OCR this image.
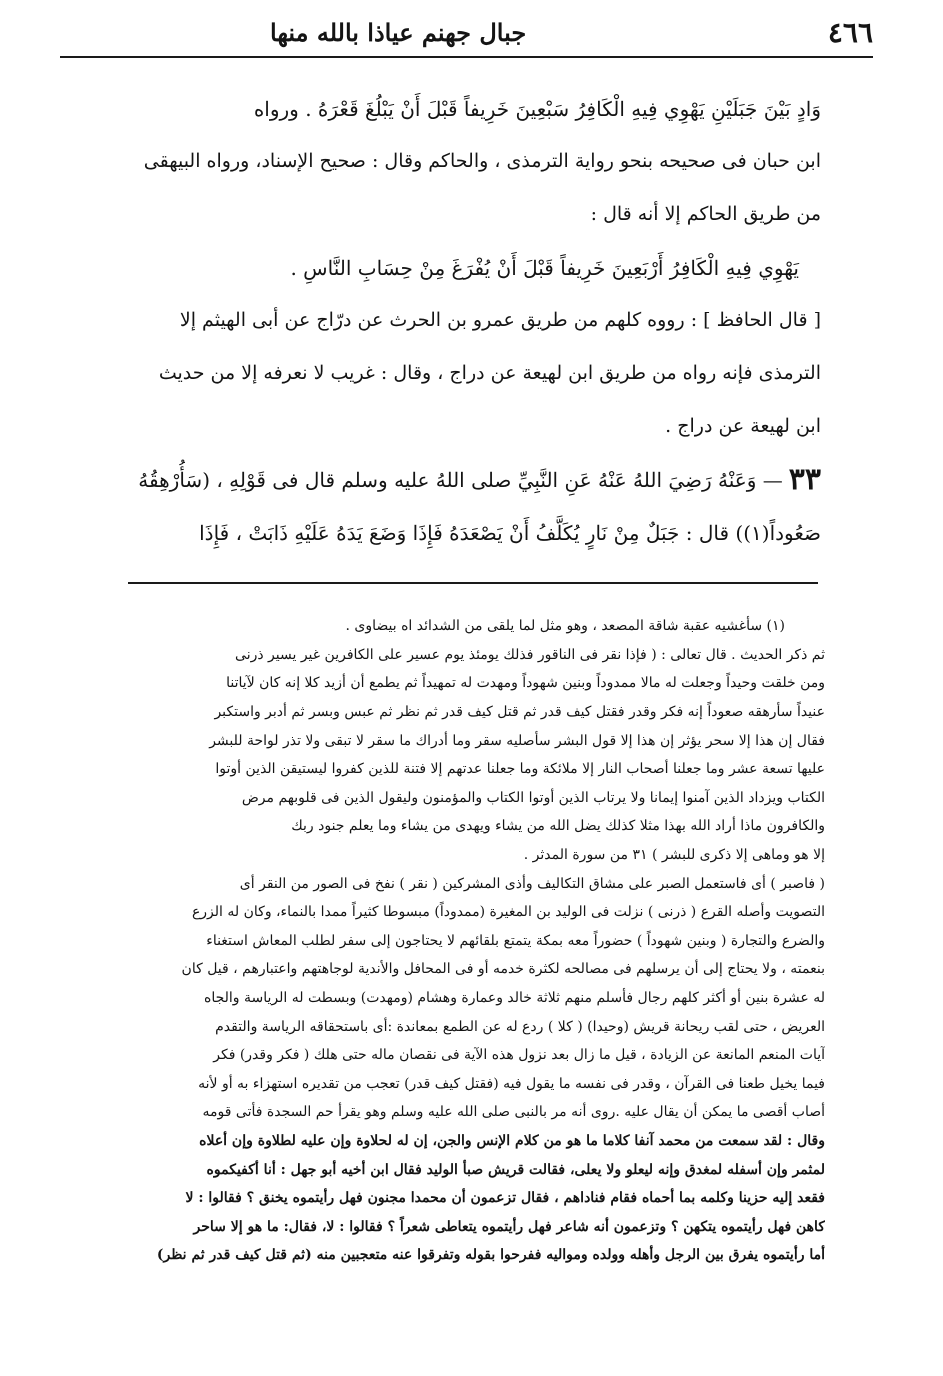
٤٦٦
جبال جهنم عياذا بالله منها
وَادٍ بَيْنَ جَبَلَيْنِ يَهْوِي فِيهِ الْكَافِرُ سَبْعِينَ خَرِيفاً قَبْلَ أَنْ يَبْلُغَ قَعْرَهُ . ورواه
ابن حبان فى صحيحه بنحو رواية الترمذى ، والحاكم وقال : صحيح الإسناد، ورواه البيهقى
من طريق الحاكم إلا أنه قال :
يَهْوِي فِيهِ الْكَافِرُ أَرْبَعِينَ خَرِيفاً قَبْلَ أَنْ يُفْرَغَ مِنْ حِسَابِ النَّاسِ .
[ قال الحافظ ] : رووه كلهم من طريق عمرو بن الحرث عن درّاج عن أبى الهيثم إلا
الترمذى فإنه رواه من طريق ابن لهيعة عن دراج ، وقال : غريب لا نعرفه إلا من حديث
ابن لهيعة عن دراج .
٣٣
— وَعَنْهُ رَضِيَ اللهُ عَنْهُ عَنِ النَّبِيِّ صلى اللهُ عليه وسلم قال فى قَوْلِهِ ، (سَأُرْهِقُهُ
صَعُوداً(١)) قال : جَبَلٌ مِنْ نَارٍ يُكَلَّفُ أَنْ يَصْعَدَهُ فَإِذَا وَضَعَ يَدَهُ عَلَيْهِ ذَابَتْ ، فَإِذَا
(١) سأغشيه عقبة شاقة المصعد ، وهو مثل لما يلقى من الشدائد اه بيضاوى .
ثم ذكر الحديث . قال تعالى : ( فإذا نقر فى الناقور فذلك يومئذ يوم عسير على الكافرين غير يسير ذرنى
ومن خلقت وحيداً وجعلت له مالا ممدوداً وبنين شهوداً ومهدت له تمهيداً ثم يطمع أن أزيد كلا إنه كان لآياتنا
عنيداً سأرهقه صعوداً إنه فكر وقدر فقتل كيف قدر ثم قتل كيف قدر ثم نظر ثم عبس وبسر ثم أدبر واستكبر
فقال إن هذا إلا سحر يؤثر إن هذا إلا قول البشر سأصليه سقر وما أدراك ما سقر لا تبقى ولا تذر لواحة للبشر
عليها تسعة عشر وما جعلنا أصحاب النار إلا ملائكة وما جعلنا عدتهم إلا فتنة للذين كفروا ليستيقن الذين أوتوا
الكتاب ويزداد الذين آمنوا إيمانا ولا يرتاب الذين أوتوا الكتاب والمؤمنون وليقول الذين فى قلوبهم مرض
والكافرون ماذا أراد الله بهذا مثلا كذلك يضل الله من يشاء ويهدى من يشاء وما يعلم جنود ربك
إلا هو وماهى إلا ذكرى للبشر ) ٣١ من سورة المدثر .
( فاصبر ) أى فاستعمل الصبر على مشاق التكاليف وأذى المشركين ( نقر ) نفخ فى الصور من النقر أى
التصويت وأصله القرع ( ذرنى ) نزلت فى الوليد بن المغيرة (ممدوداً) مبسوطا كثيراً ممدا بالنماء، وكان له الزرع
والضرع والتجارة ( وبنين شهوداً ) حضوراً معه بمكة يتمتع بلقائهم لا يحتاجون إلى سفر لطلب المعاش استغناء
بنعمته ، ولا يحتاج إلى أن يرسلهم فى مصالحه لكثرة خدمه أو فى المحافل والأندية لوجاهتهم واعتبارهم ، قيل كان
له عشرة بنين أو أكثر كلهم رجال فأسلم منهم ثلاثة خالد وعمارة وهشام (ومهدت) وبسطت له الرياسة والجاه
العريض ، حتى لقب ريحانة قريش (وحيدا) ( كلا ) ردع له عن الطمع بمعاندة :أى باستحقاقه الرياسة والتقدم
آيات المنعم المانعة عن الزيادة ، قيل ما زال بعد نزول هذه الآية فى نقصان ماله حتى هلك ( فكر وقدر) فكر
فيما يخيل طعنا فى القرآن ، وقدر فى نفسه ما يقول فيه (فقتل كيف قدر) تعجب من تقديره استهزاء به أو لأنه
أصاب أقصى ما يمكن أن يقال عليه .روى أنه مر بالنبى صلى الله عليه وسلم وهو يقرأ حم السجدة فأتى قومه
وقال : لقد سمعت من محمد آنفا كلاما ما هو من كلام الإنس والجن، إن له لحلاوة وإن عليه لطلاوة وإن أعلاه
لمثمر وإن أسفله لمغدق وإنه ليعلو ولا يعلى، فقالت قريش صبأ الوليد فقال ابن أخيه أبو جهل : أنا أكفيكموه
فقعد إليه حزينا وكلمه بما أحماه فقام فناداهم ، فقال تزعمون أن محمدا مجنون فهل رأيتموه يخنق ؟ فقالوا : لا
كاهن فهل رأيتموه يتكهن ؟ وتزعمون أنه شاعر فهل رأيتموه يتعاطى شعراً ؟ فقالوا : لا، فقال: ما هو إلا ساحر
أما رأيتموه يفرق بين الرجل وأهله وولده ومواليه ففرحوا بقوله وتفرقوا عنه متعجبين منه (ثم قتل كيف قدر ثم نظر)
